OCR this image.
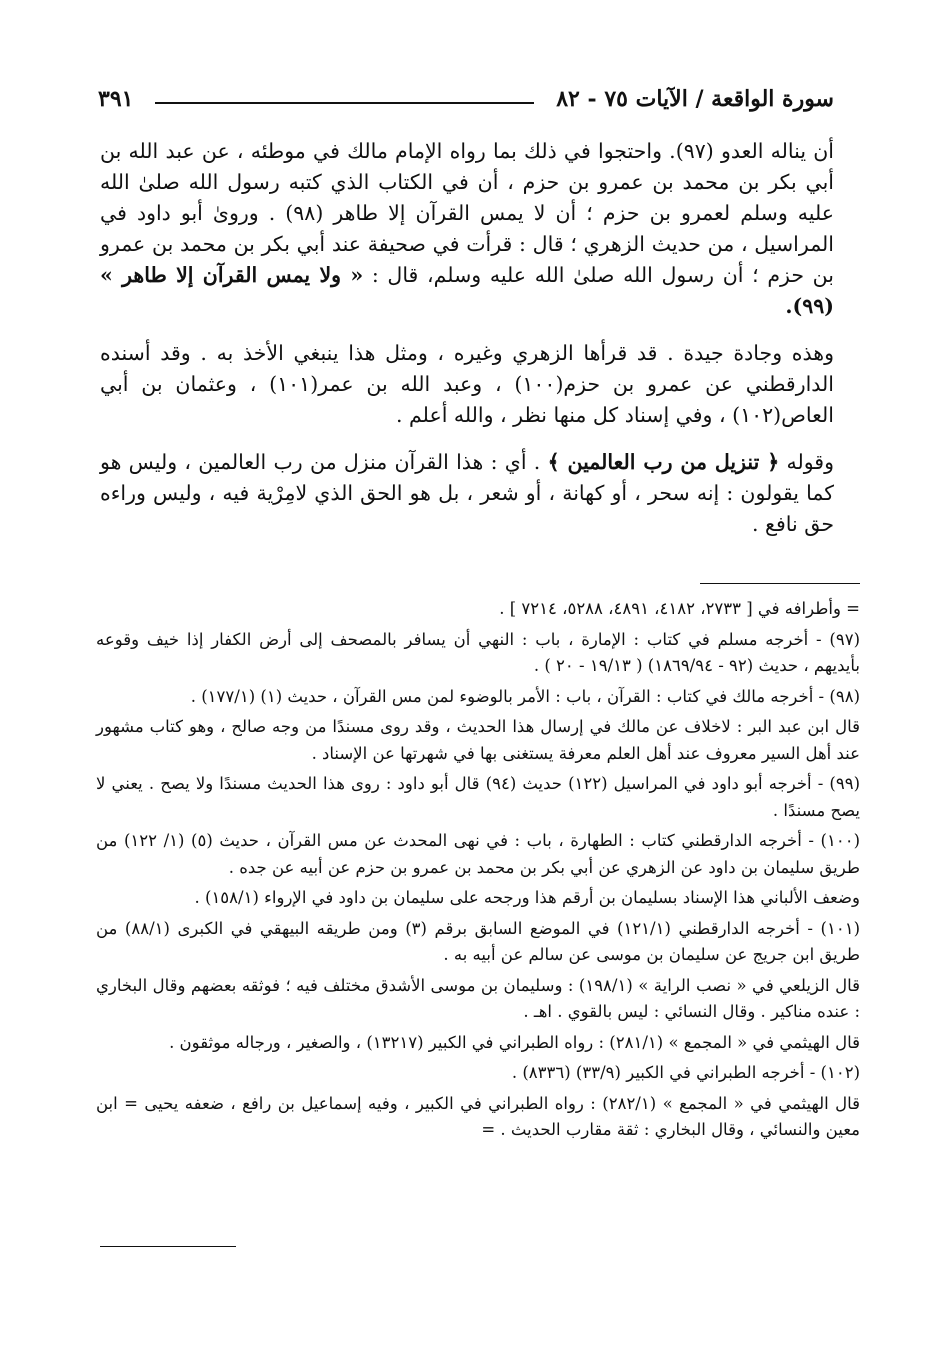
سورة الواقعة / الآيات ٧٥ - ٨٢
٣٩١

أن يناله العدو (٩٧). واحتجوا في ذلك بما رواه الإمام مالك في موطئه ، عن عبد الله بن أبي بكر بن محمد بن عمرو بن حزم ، أن في الكتاب الذي كتبه رسول الله صلىٰ الله عليه وسلم لعمرو بن حزم ؛ أن لا يمس القرآن إلا طاهر (٩٨) . وروىٰ أبو داود في المراسيل ، من حديث الزهري ؛ قال : قرأت في صحيفة عند أبي بكر بن محمد بن عمرو بن حزم ؛ أن رسول الله صلىٰ الله عليه وسلم، قال : « ولا يمس القرآن إلا طاهر » (٩٩).

وهذه وجادة جيدة . قد قرأها الزهري وغيره ، ومثل هذا ينبغي الأخذ به . وقد أسنده الدارقطني عن عمرو بن حزم(١٠٠) ، وعبد الله بن عمر(١٠١) ، وعثمان بن أبي العاص(١٠٢) ، وفي إسناد كل منها نظر ، والله أعلم .

وقوله ﴿ تنزيل من رب العالمين ﴾ . أي : هذا القرآن منزل من رب العالمين ، وليس هو كما يقولون : إنه سحر ، أو كهانة ، أو شعر ، بل هو الحق الذي لامِرْية فيه ، وليس وراءه حق نافع .

= وأطرافه في [ ٢٧٣٣، ٤١٨٢، ٤٨٩١، ٥٢٨٨، ٧٢١٤ ] .

(٩٧) - أخرجه مسلم في كتاب : الإمارة ، باب : النهي أن يسافر بالمصحف إلى أرض الكفار إذا خيف وقوعه بأيديهم ، حديث (٩٢ - ١٨٦٩/٩٤) ( ١٩/١٣ - ٢٠ ) .

(٩٨) - أخرجه مالك في كتاب : القرآن ، باب : الأمر بالوضوء لمن مس القرآن ، حديث (١) (١٧٧/١) .

قال ابن عبد البر : لاخلاف عن مالك في إرسال هذا الحديث ، وقد روى مسندًا من وجه صالح ، وهو كتاب مشهور عند أهل السير معروف عند أهل العلم معرفة يستغنى بها في شهرتها عن الإسناد .

(٩٩) - أخرجه أبو داود في المراسيل (١٢٢) حديث (٩٤) قال أبو داود : روى هذا الحديث مسندًا ولا يصح . يعني لا يصح مسندًا .

(١٠٠) - أخرجه الدارقطني كتاب : الطهارة ، باب : في نهى المحدث عن مس القرآن ، حديث (٥) (١/ ١٢٢) من طريق سليمان بن داود عن الزهري عن أبي بكر بن محمد بن عمرو بن حزم عن أبيه عن جده .

وضعف الألباني هذا الإسناد بسليمان بن أرقم هذا ورجحه على سليمان بن داود في الإرواء (١٥٨/١) .

(١٠١) - أخرجه الدارقطني (١٢١/١) في الموضع السابق برقم (٣) ومن طريقه البيهقي في الكبرى (٨٨/١) من طريق ابن جريج عن سليمان بن موسى عن سالم عن أبيه به .

قال الزيلعي في « نصب الراية » (١٩٨/١) : وسليمان بن موسى الأشدق مختلف فيه ؛ فوثقه بعضهم وقال البخاري : عنده مناكير . وقال النسائي : ليس بالقوي . اهـ .

قال الهيثمي في « المجمع » (٢٨١/١) : رواه الطبراني في الكبير (١٣٢١٧) ، والصغير ، ورجاله موثقون .

(١٠٢) - أخرجه الطبراني في الكبير (٣٣/٩) (٨٣٣٦) .

قال الهيثمي في « المجمع » (٢٨٢/١) : رواه الطبراني في الكبير ، وفيه إسماعيل بن رافع ، ضعفه يحيى = ابن معين والنسائي ، وقال البخاري : ثقة مقارب الحديث . =
